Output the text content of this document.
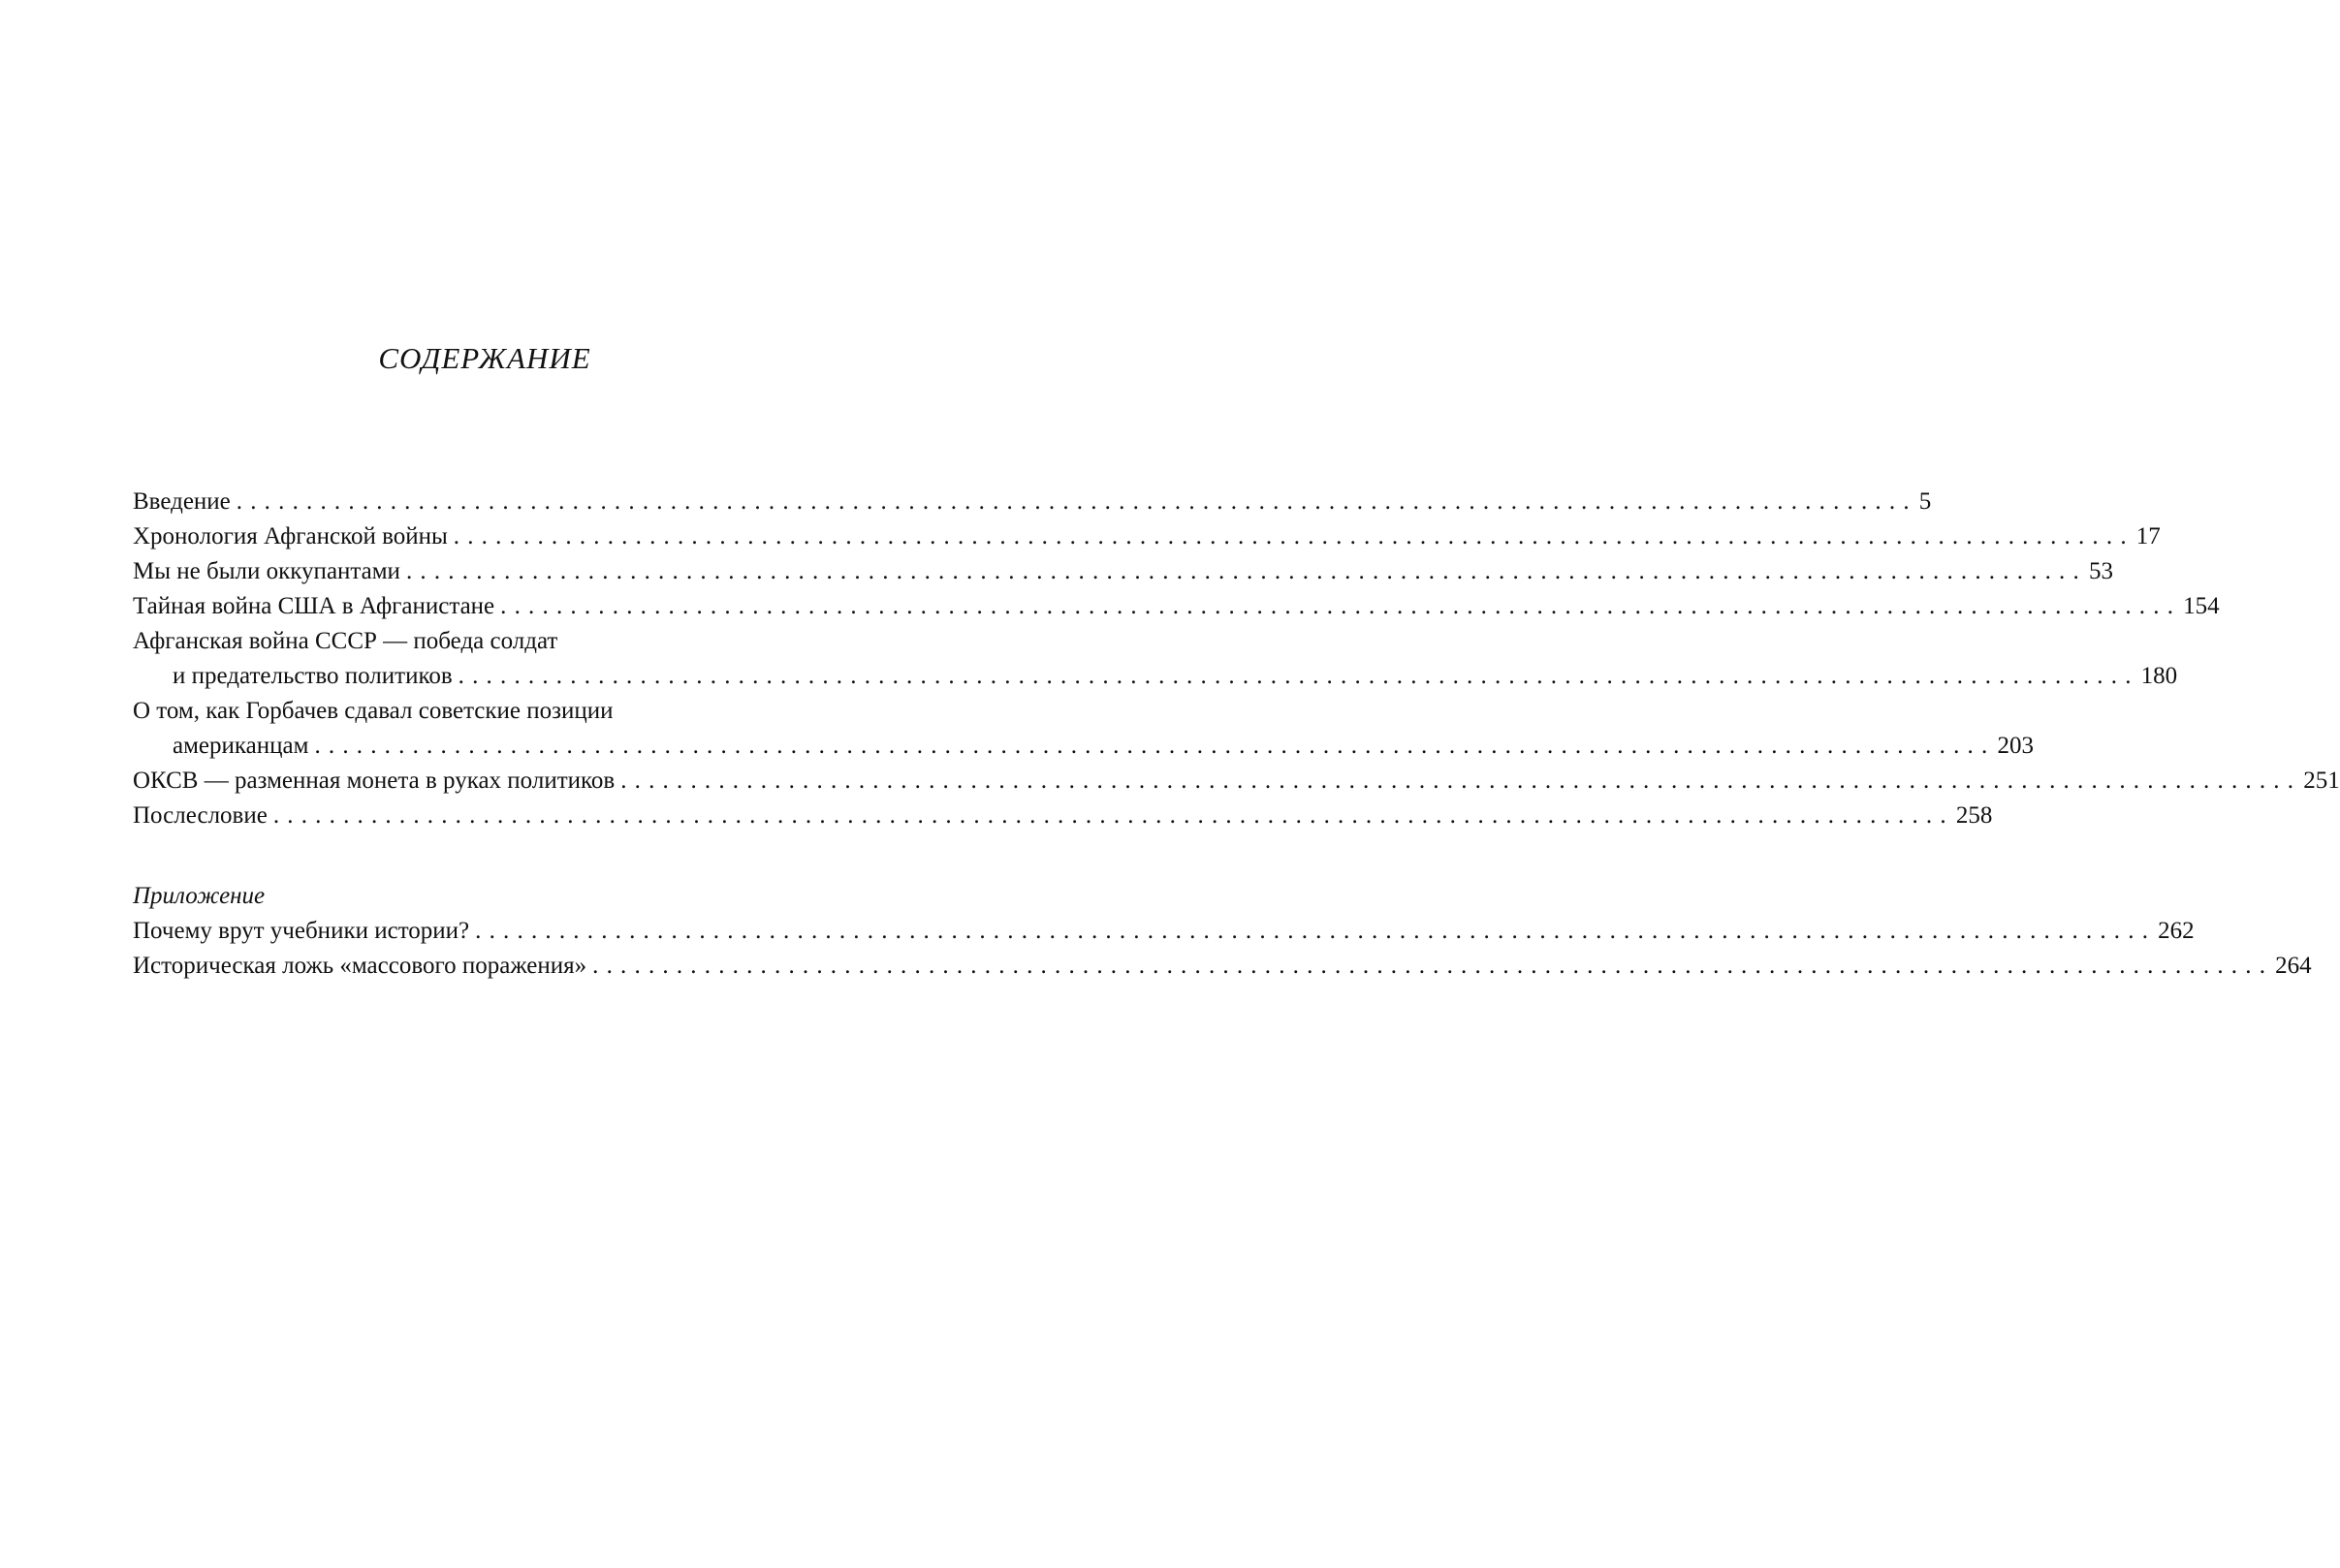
СОДЕРЖАНИЕ
Введение ........................................................................................................................ 5
Хронология Афганской войны ........................................................................................................................ 17
Мы не были оккупантами ........................................................................................................................ 53
Тайная война США в Афганистане ........................................................................................................................ 154
Афганская война СССР — победа солдат
и предательство политиков ........................................................................................................................ 180
О том, как Горбачев сдавал советские позиции
американцам ........................................................................................................................ 203
ОКСВ — разменная монета в руках политиков ........................................................................................................................ 251
Послесловие ........................................................................................................................ 258

Приложение

Почему врут учебники истории? ........................................................................................................................ 262
Историческая ложь «массового поражения» ........................................................................................................................ 264
